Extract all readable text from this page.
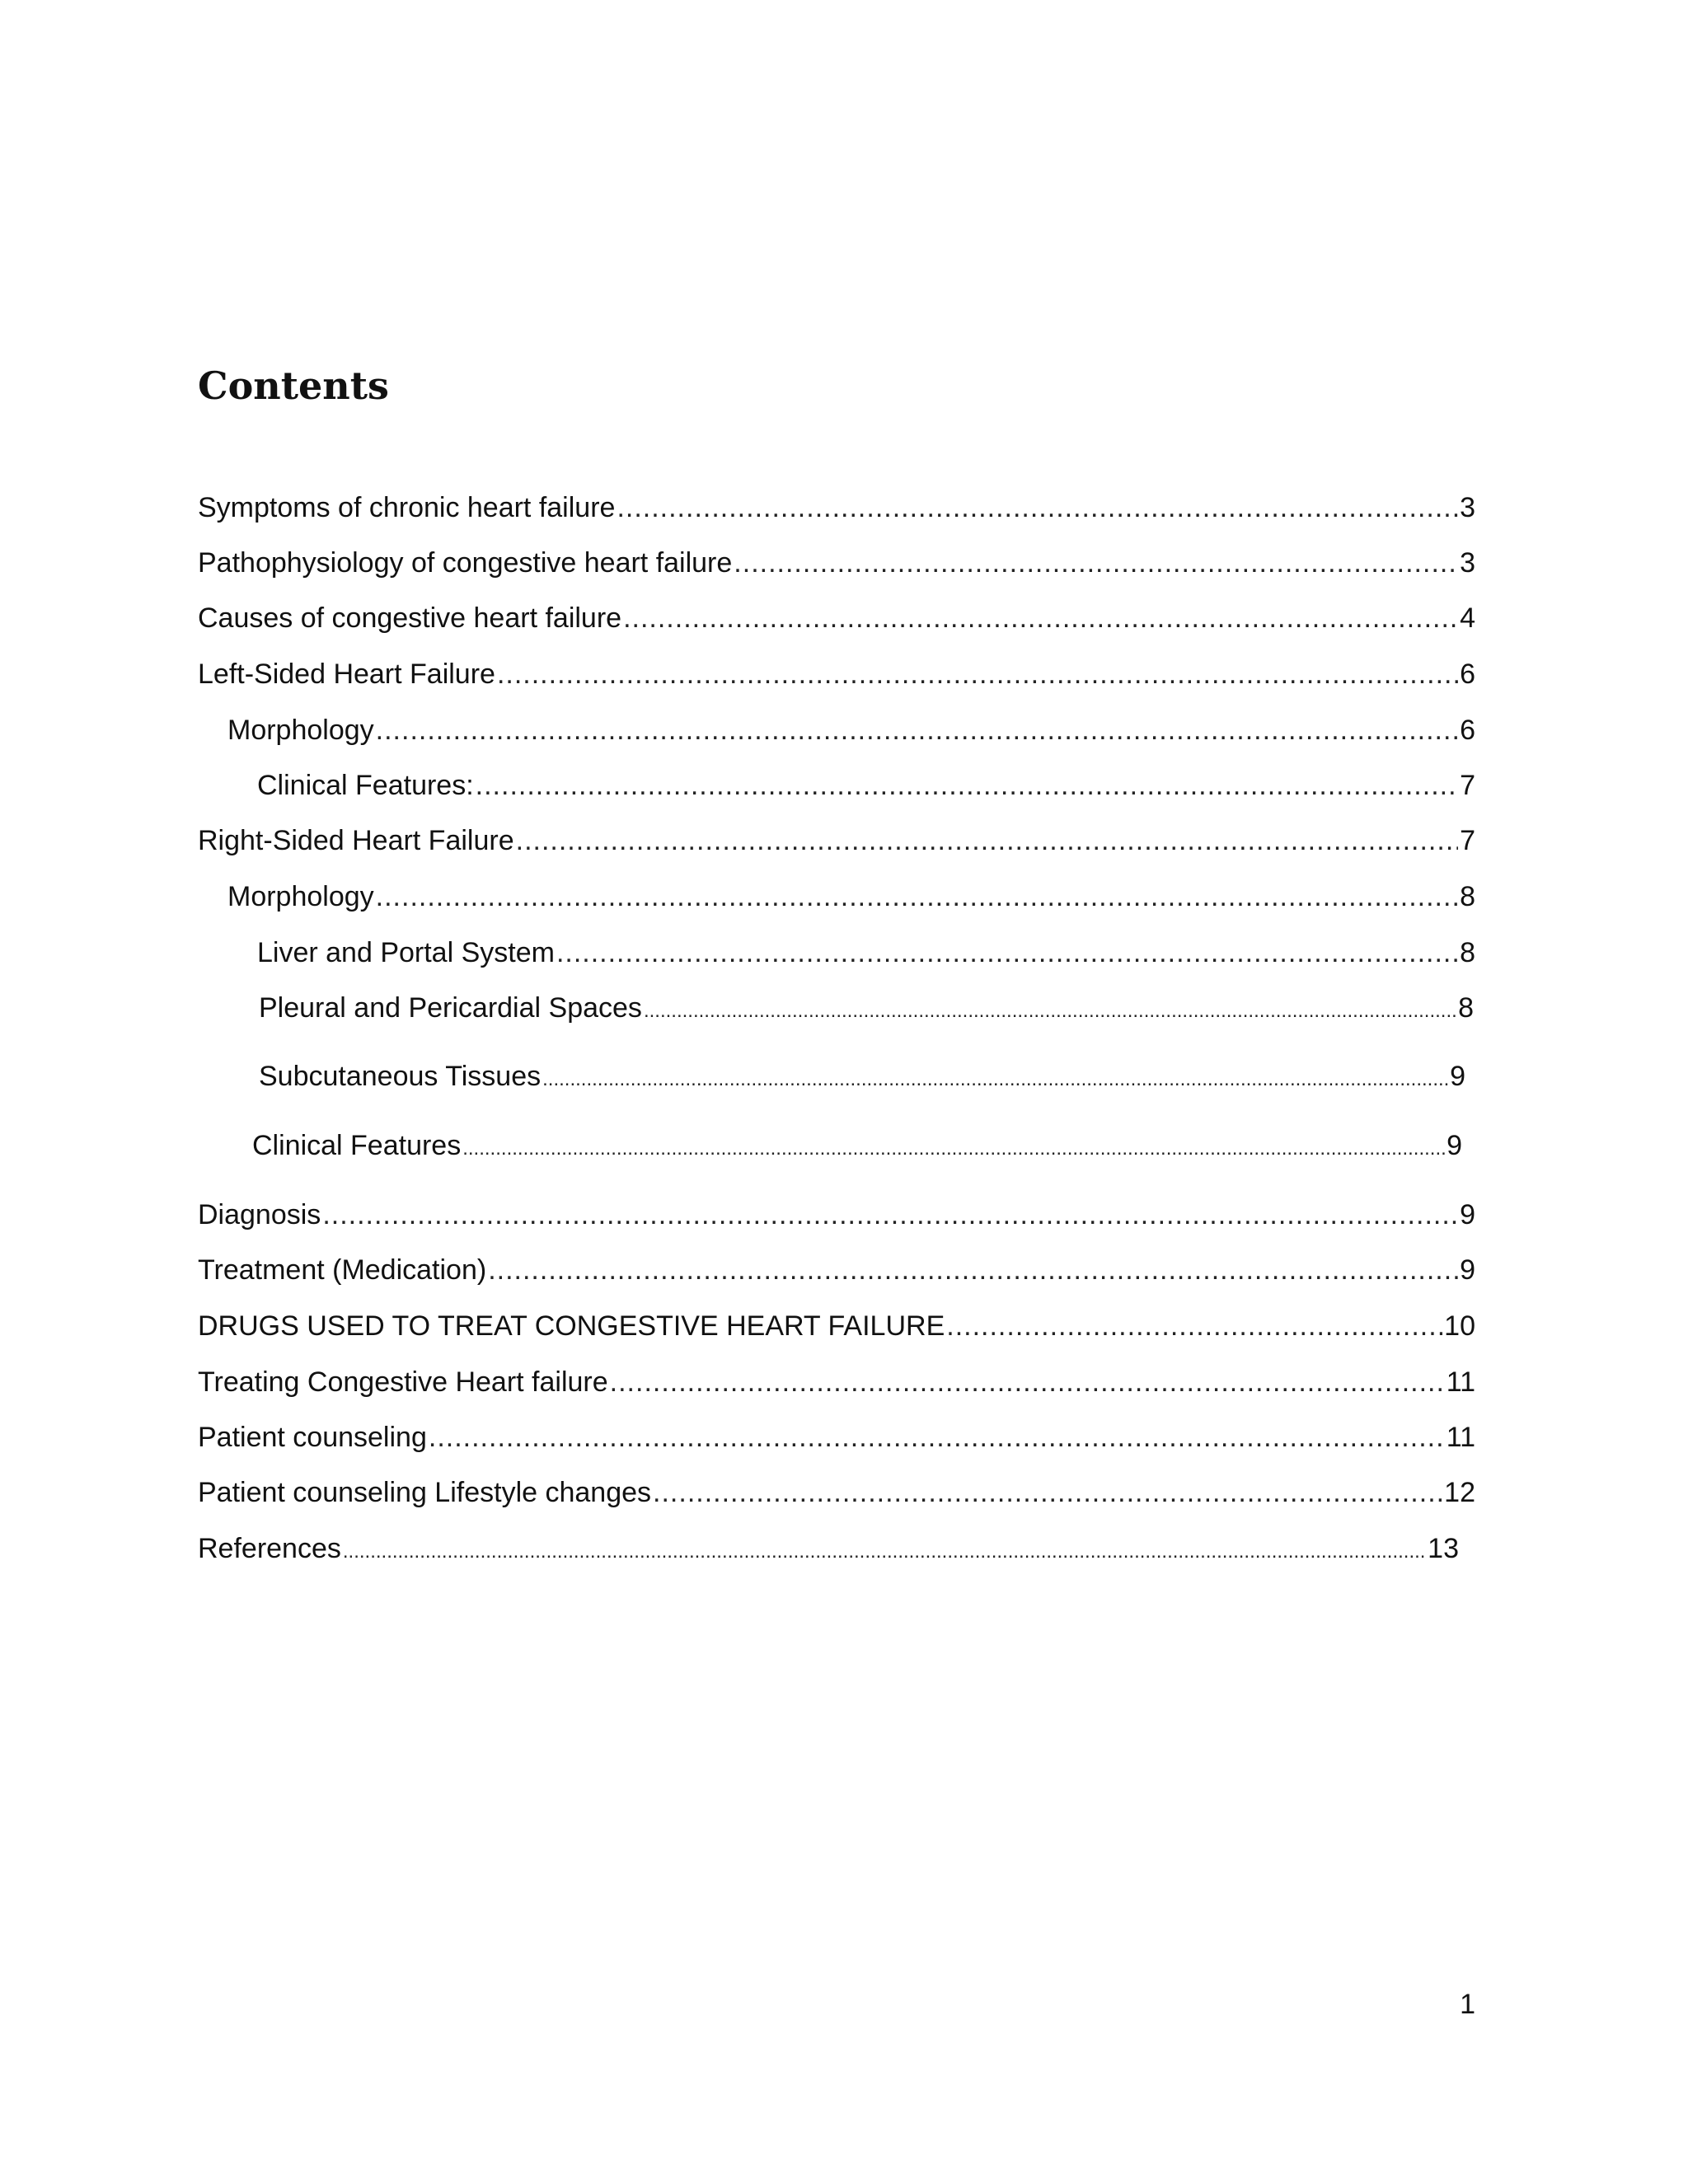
Contents
Symptoms of chronic heart failure .....	3
Pathophysiology of congestive heart failure .....	3
Causes of congestive heart failure .....	4
Left-Sided Heart Failure .....	6
Morphology .....	6
Clinical Features: .....	7
Right-Sided Heart Failure .....	7
Morphology .....	8
Liver and Portal System .....	8
Pleural and Pericardial Spaces .....	8
Subcutaneous Tissues .....	9
Clinical Features .....	9
Diagnosis .....	9
Treatment (Medication) .....	9
DRUGS USED TO TREAT CONGESTIVE HEART FAILURE .....	10
Treating Congestive Heart failure .....	11
Patient counseling .....	11
Patient counseling Lifestyle changes .....	12
References .....	13
1
